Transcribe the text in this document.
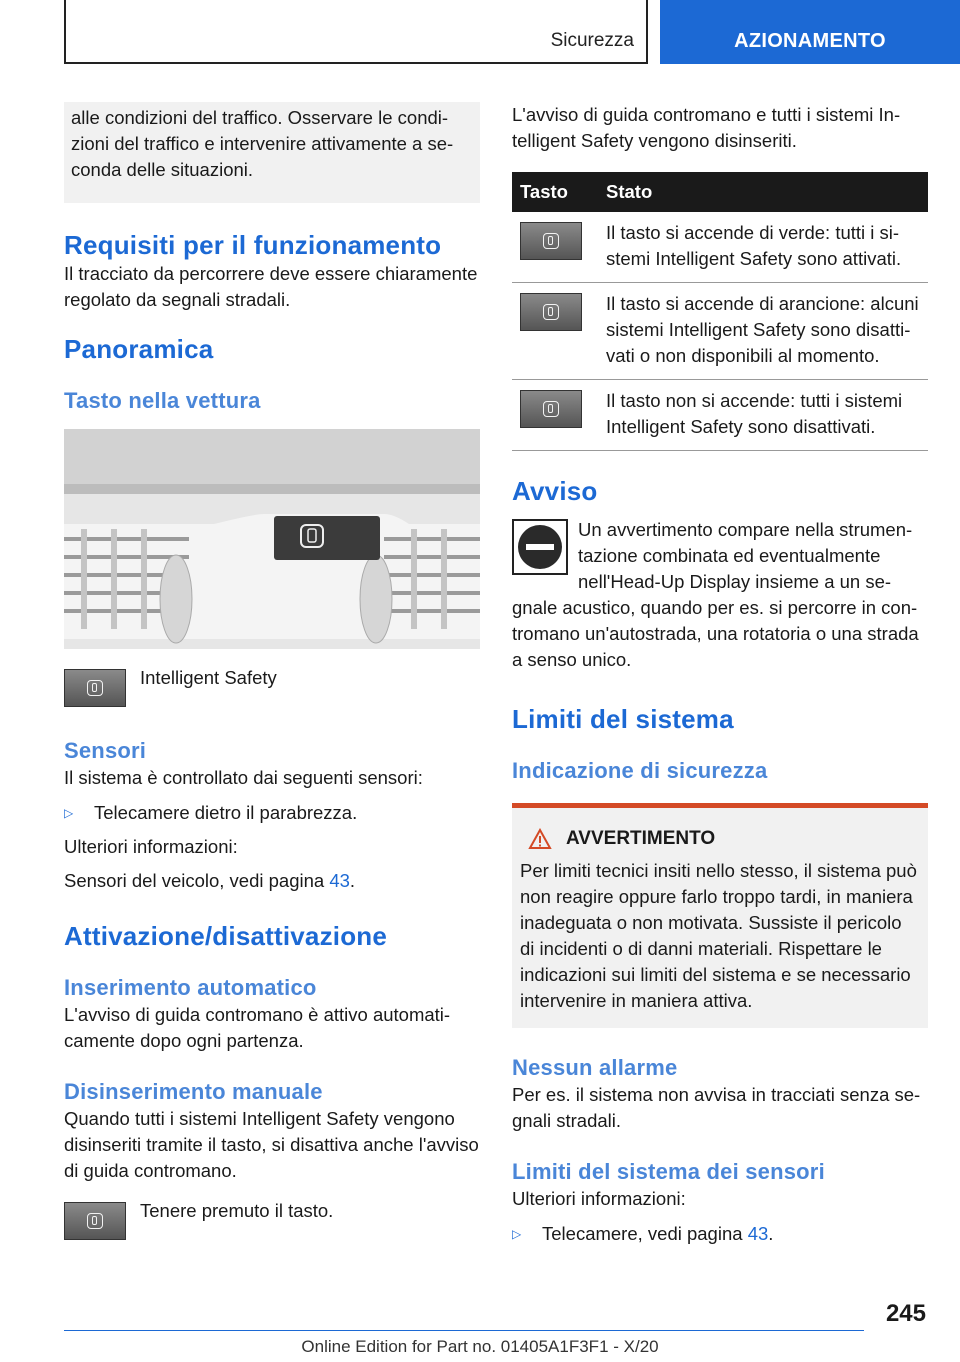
Sicurezza	AZIONAMENTO
alle condizioni del traffico. Osservare le condizioni del traffico e intervenire attivamente a seconda delle situazioni.
Requisiti per il funzionamento

Il tracciato da percorrere deve essere chiaramente regolato da segnali stradali.

Panoramica
Tasto nella vettura
Intelligent Safety
Sensori

Il sistema è controllato dai seguenti sensori:

▷	Telecamere dietro il parabrezza.

Ulteriori informazioni:

Sensori del veicolo, vedi pagina 43.

Attivazione/disattivazione
Inserimento automatico

L'avviso di guida contromano è attivo automaticamente dopo ogni partenza.

Disinserimento manuale

Quando tutti i sistemi Intelligent Safety vengono disinseriti tramite il tasto, si disattiva anche l'avviso di guida contromano.

Tenere premuto il tasto.

L'avviso di guida contromano e tutti i sistemi Intelligent Safety vengono disinseriti.

Tasto	Stato

	Il tasto si accende di verde: tutti i sistemi Intelligent Safety sono attivati.

	Il tasto si accende di arancione: alcuni sistemi Intelligent Safety sono disattivati o non disponibili al momento.

	Il tasto non si accende: tutti i sistemi Intelligent Safety sono disattivati.
Avviso

Un avvertimento compare nella strumentazione combinata ed eventualmente nell'Head-Up Display insieme a un segnale acustico, quando per es. si percorre in contromano un'autostrada, una rotatoria o una strada a senso unico.

Limiti del sistema
Indicazione di sicurezza
AVVERTIMENTO

Per limiti tecnici insiti nello stesso, il sistema può non reagire oppure farlo troppo tardi, in maniera inadeguata o non motivata. Sussiste il pericolo di incidenti o di danni materiali. Rispettare le indicazioni sui limiti del sistema e se necessario intervenire in maniera attiva.

Nessun allarme

Per es. il sistema non avvisa in tracciati senza segnali stradali.

Limiti del sistema dei sensori

Ulteriori informazioni:

▷	Telecamere, vedi pagina 43.
245
Online Edition for Part no. 01405A1F3F1 - X/20
